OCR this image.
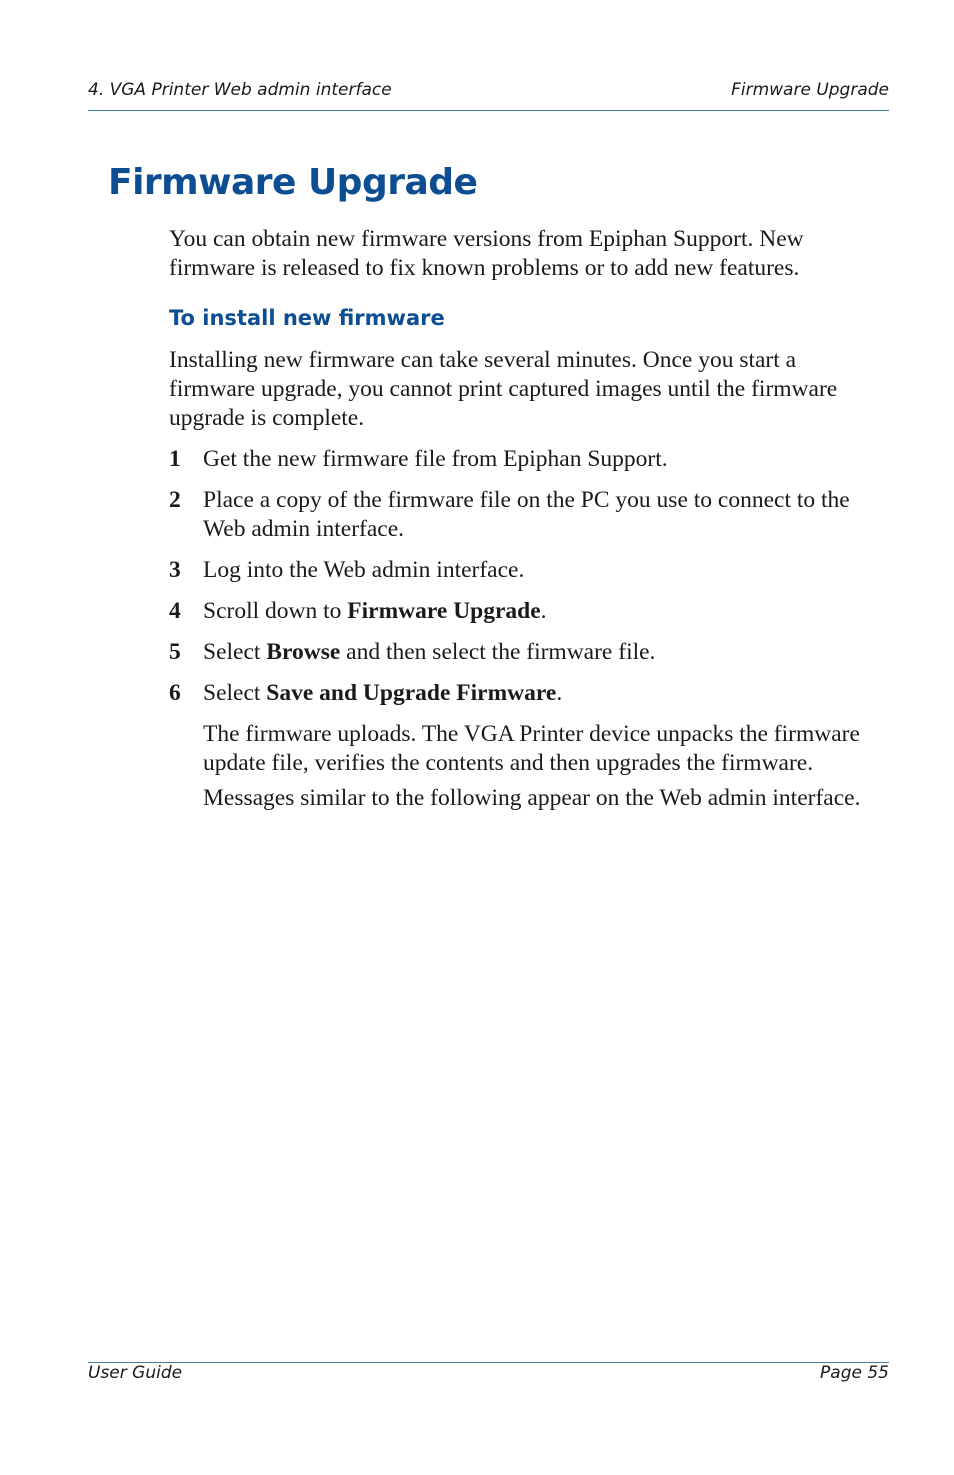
4. VGA Printer Web admin interface	Firmware Upgrade
Firmware Upgrade

You can obtain new firmware versions from Epiphan Support. New firmware is released to fix known problems or to add new features.

To install new firmware

Installing new firmware can take several minutes. Once you start a firmware upgrade, you cannot print captured images until the firmware upgrade is complete.

1 Get the new firmware file from Epiphan Support.
2 Place a copy of the firmware file on the PC you use to connect to the Web admin interface.
3 Log into the Web admin interface.
4 Scroll down to Firmware Upgrade.
5 Select Browse and then select the firmware file.
6 Select Save and Upgrade Firmware.

The firmware uploads. The VGA Printer device unpacks the firmware update file, verifies the contents and then upgrades the firmware.

Messages similar to the following appear on the Web admin interface.

User Guide	Page 55
